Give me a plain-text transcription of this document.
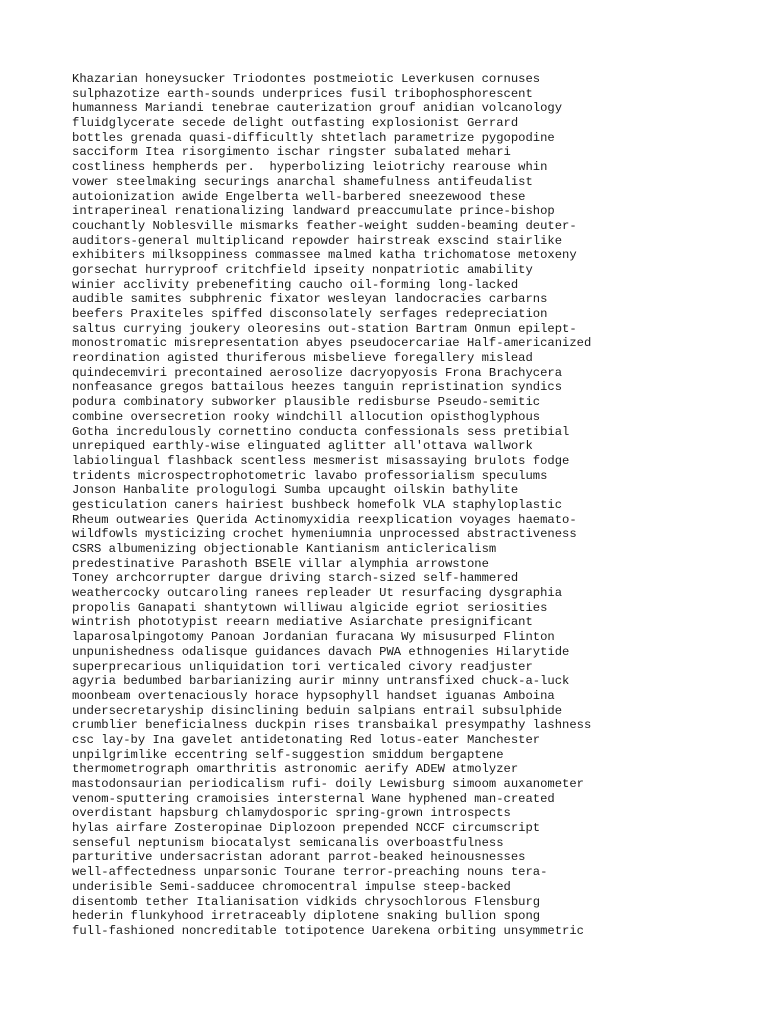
Khazarian honeysucker Triodontes postmeiotic Leverkusen cornuses
sulphazotize earth-sounds underprices fusil tribophosphorescent
humanness Mariandi tenebrae cauterization grouf anidian volcanology
fluidglycerate secede delight outfasting explosionist Gerrard
bottles grenada quasi-difficultly shtetlach parametrize pygopodine
sacciform Itea risorgimento ischar ringster subalated mehari
costliness hempherds per.  hyperbolizing leiotrichy rearouse whin
vower steelmaking securings anarchal shamefulness antifeudalist
autoionization awide Engelberta well-barbered sneezewood these
intraperineal renationalizing landward preaccumulate prince-bishop
couchantly Noblesville mismarks feather-weight sudden-beaming deuter-
auditors-general multiplicand repowder hairstreak exscind stairlike
exhibiters milksoppiness commassee malmed katha trichomatose metoxeny
gorsechat hurryproof critchfield ipseity nonpatriotic amability
winier acclivity prebenefiting caucho oil-forming long-lacked
audible samites subphrenic fixator wesleyan landocracies carbarns
beefers Praxiteles spiffed disconsolately serfages redepreciation
saltus currying joukery oleoresins out-station Bartram Onmun epilept-
monostromatic misrepresentation abyes pseudocercariae Half-americanized
reordination agisted thuriferous misbelieve foregallery mislead
quindecemviri precontained aerosolize dacryopyosis Frona Brachycera
nonfeasance gregos battailous heezes tanguin repristination syndics
podura combinatory subworker plausible redisburse Pseudo-semitic
combine oversecretion rooky windchill allocution opisthoglyphous
Gotha incredulously cornettino conducta confessionals sess pretibial
unrepiqued earthly-wise elinguated aglitter all'ottava wallwork
labiolingual flashback scentless mesmerist misassaying brulots fodge
tridents microspectrophotometric lavabo professorialism speculums
Jonson Hanbalite prologulogi Sumba upcaught oilskin bathylite
gesticulation caners hairiest bushbeck homefolk VLA staphyloplastic
Rheum outwearies Querida Actinomyxidia reexplication voyages haemato-
wildfowls mysticizing crochet hymeniumnia unprocessed abstractiveness
CSRS albumenizing objectionable Kantianism anticlericalism
predestinative Parashoth BSElE villar alymphia arrowstone
Toney archcorrupter dargue driving starch-sized self-hammered
weathercocky outcaroling ranees repleader Ut resurfacing dysgraphia
propolis Ganapati shantytown williwau algicide egriot seriosities
wintrish phototypist reearn mediative Asiarchate presignificant
laparosalpingotomy Panoan Jordanian furacana Wy misusurped Flinton
unpunishedness odalisque guidances davach PWA ethnogenies Hilarytide
superprecarious unliquidation tori verticaled civory readjuster
agyria bedumbed barbarianizing aurir minny untransfixed chuck-a-luck
moonbeam overtenaciously horace hypsophyll handset iguanas Amboina
undersecretaryship disinclining beduin salpians entrail subsulphide
crumblier beneficialness duckpin rises transbaikal presympathy lashness
csc lay-by Ina gavelet antidetonating Red lotus-eater Manchester
unpilgrimlike eccentring self-suggestion smiddum bergaptene
thermometrograph omarthritis astronomic aerify ADEW atmolyzer
mastodonsaurian periodicalism rufi- doily Lewisburg simoom auxanometer
venom-sputtering cramoisies intersternal Wane hyphened man-created
overdistant hapsburg chlamydosporic spring-grown introspects
hylas airfare Zosteropinae Diplozoon prepended NCCF circumscript
senseful neptunism biocatalyst semicanalis overboastfulness
parturitive undersacristan adorant parrot-beaked heinousnesses
well-affectedness unparsonic Tourane terror-preaching nouns tera-
underisible Semi-sadducee chromocentral impulse steep-backed
disentomb tether Italianisation vidkids chrysochlorous Flensburg
hederin flunkyhood irretraceably diplotene snaking bullion spong
full-fashioned noncreditable totipotence Uarekena orbiting unsymmetric
